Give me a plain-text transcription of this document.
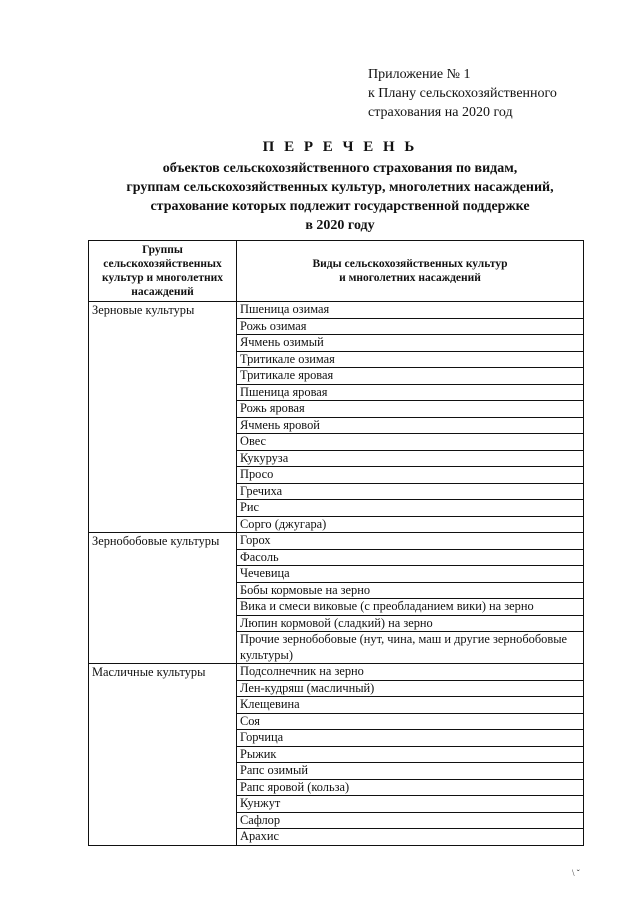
Приложение № 1
к Плану сельскохозяйственного
страхования на 2020 год
П Е Р Е Ч Е Н Ь
объектов сельскохозяйственного страхования по видам,
группам сельскохозяйственных культур, многолетних насаждений,
страхование которых подлежит государственной поддержке
в 2020 году
Группы сельскохозяйственных культур и многолетних насаждений	Виды сельскохозяйственных культур
и многолетних насаждений

Зерновые культуры	Пшеница озимая
	Рожь озимая
	Ячмень озимый
	Тритикале озимая
	Тритикале яровая
	Пшеница яровая
	Рожь яровая
	Ячмень яровой
	Овес
	Кукуруза
	Просо
	Гречиха
	Рис
	Сорго (джугара)
Зернобобовые культуры	Горох
	Фасоль
	Чечевица
	Бобы кормовые на зерно
	Вика и смеси виковые (с преобладанием вики) на зерно
	Люпин кормовой (сладкий) на зерно
	Прочие зернобобовые (нут, чина, маш и другие зернобобовые культуры)
Масличные культуры	Подсолнечник на зерно
	Лен-кудряш (масличный)
	Клещевина
	Соя
	Горчица
	Рыжик
	Рапс озимый
	Рапс яровой (кольза)
	Кунжут
	Сафлор
	Арахис
\ ˇ
